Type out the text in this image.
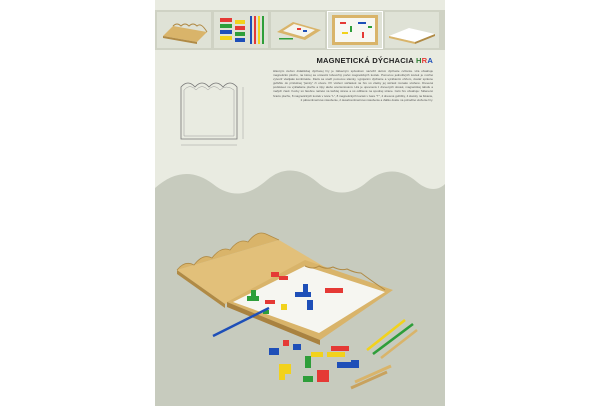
MAGNETICKÁ DÝCHACIA HRA
Hlavným cieľom didaktickej dýchacej hry je zábavným spôsobom nacvičiť deťom dýchacie cvičenia. Hra obsahuje magnetickú plochu, na ktorej sa umiestní lubovoľný počet magnetických kociek. Pomocou jednotlivých kociek je možné vytvoriť všelijaké kombinácie. Dieťa sa snaží pomocou slamky, vypújaním dýchanie a vyrábaním ohňom, dostať správne guľôčku do príslušnej "jamky" či otvoru. Pri vložení súčiastok na hru sú všetky jej súčasti rovnako uložené. Drevená podstavec na vykladanie plochu a šípy alebo anorientovanú. Hra je upevnená z drevených dosiek, magnetickej tabuľe a malých častí. Kocky sú farebne natreté na každej strane a sú odlíšené na spodnej strane. Celú hru obsahuje: Sklenenú hraciu plochu, 8 magnetických kociek v tvare "L", 8 magnetických kociek v tvare "T", 4 drevené guľôčky, 4 slamky na fúkanie, 2 pätcentimetrové násobenie, 2 desaťcentimetrové násobenie a ďalšiu dosku na pohodlné uloženie hry.
